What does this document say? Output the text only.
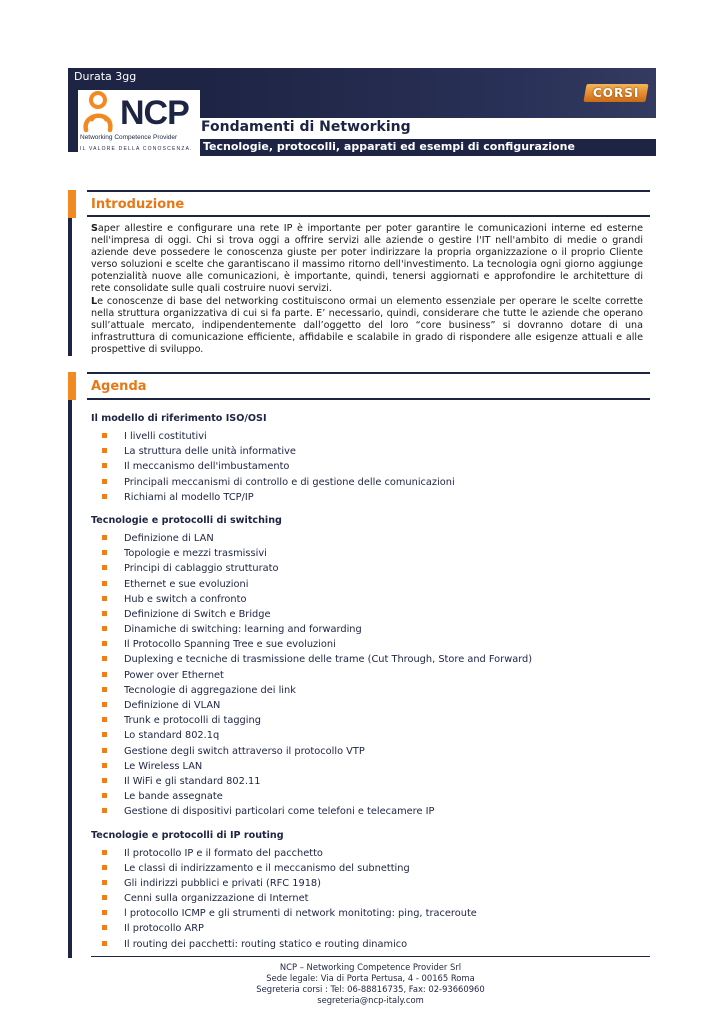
Durata 3gg
CORSI
NCP
Networking Competence Provider
IL VALORE DELLA CONOSCENZA.
Fondamenti di Networking
Tecnologie, protocolli, apparati ed esempi di configurazione
Introduzione

Saper allestire e configurare una rete IP è importante per poter garantire le comunicazioni interne ed esterne nell'impresa di oggi. Chi si trova oggi a offrire servizi alle aziende o gestire l'IT nell'ambito di medie o grandi aziende deve possedere le conoscenza giuste per poter indirizzare la propria organizzazione o il proprio Cliente verso soluzioni e scelte che garantiscano il massimo ritorno dell'investimento. La tecnologia ogni giorno aggiunge potenzialità nuove alle comunicazioni, è importante, quindi, tenersi aggiornati e approfondire le architetture di rete consolidate sulle quali costruire nuovi servizi.

Le conoscenze di base del networking costituiscono ormai un elemento essenziale per operare le scelte corrette nella struttura organizzativa di cui si fa parte. E’ necessario, quindi, considerare che tutte le aziende che operano sull’attuale mercato, indipendentemente dall’oggetto del loro “core business” si dovranno dotare di una infrastruttura di comunicazione efficiente, affidabile e scalabile in grado di rispondere alle esigenze attuali e alle prospettive di sviluppo.

Agenda
Il modello di riferimento ISO/OSI
I livelli costitutivi
La struttura delle unità informative
Il meccanismo dell'imbustamento
Principali meccanismi di controllo e di gestione delle comunicazioni
Richiami al modello TCP/IP
Tecnologie e protocolli di switching
Definizione di LAN
Topologie e mezzi trasmissivi
Principi di cablaggio strutturato
Ethernet e sue evoluzioni
Hub e switch a confronto
Definizione di Switch e Bridge
Dinamiche di switching: learning and forwarding
Il Protocollo Spanning Tree e sue evoluzioni
Duplexing e tecniche di trasmissione delle trame (Cut Through, Store and Forward)
Power over Ethernet
Tecnologie di aggregazione dei link
Definizione di VLAN
Trunk e protocolli di tagging
Lo standard 802.1q
Gestione degli switch attraverso il protocollo VTP
Le Wireless LAN
Il WiFi e gli standard 802.11
Le bande assegnate
Gestione di dispositivi particolari come telefoni e telecamere IP
Tecnologie e protocolli di IP routing
Il protocollo IP e il formato del pacchetto
Le classi di indirizzamento e il meccanismo del subnetting
Gli indirizzi pubblici e privati (RFC 1918)
Cenni sulla organizzazione di Internet
l protocollo ICMP e gli strumenti di network monitoting: ping, traceroute
Il protocollo ARP
Il routing dei pacchetti: routing statico e routing dinamico
NCP – Networking Competence Provider Srl
Sede legale: Via di Porta Pertusa, 4 - 00165 Roma
Segreteria corsi : Tel: 06-88816735, Fax: 02-93660960
segreteria@ncp-italy.com
